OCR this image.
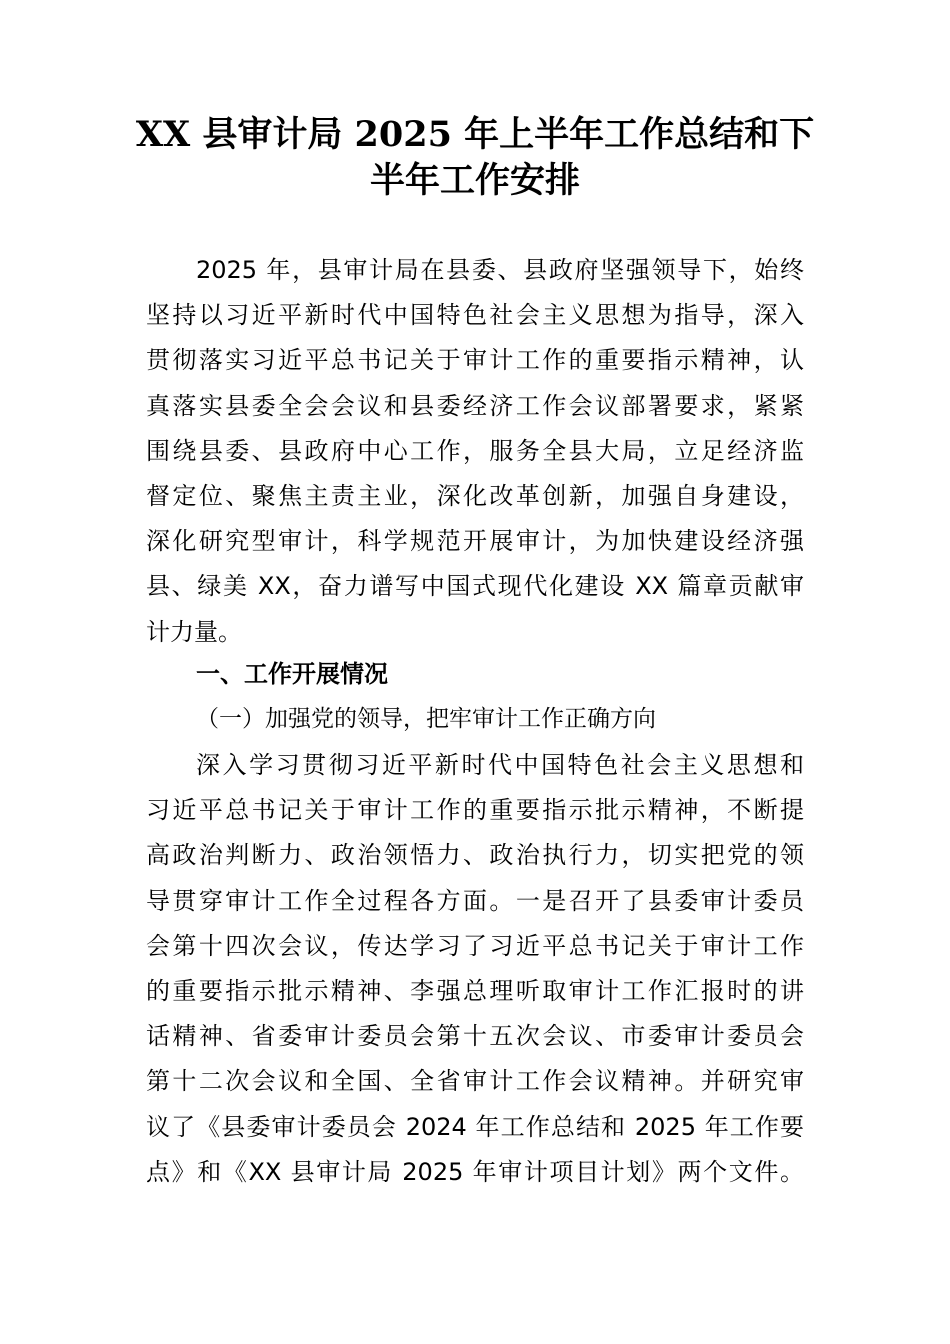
XX 县审计局 2025 年上半年工作总结和下
半年工作安排
2025 年，县审计局在县委、县政府坚强领导下，始终
坚持以习近平新时代中国特色社会主义思想为指导，深入
贯彻落实习近平总书记关于审计工作的重要指示精神，认
真落实县委全会会议和县委经济工作会议部署要求，紧紧
围绕县委、县政府中心工作，服务全县大局，立足经济监
督定位、聚焦主责主业，深化改革创新，加强自身建设，
深化研究型审计，科学规范开展审计，为加快建设经济强
县、绿美 XX，奋力谱写中国式现代化建设 XX 篇章贡献审
计力量。
一、工作开展情况
（一）加强党的领导，把牢审计工作正确方向
深入学习贯彻习近平新时代中国特色社会主义思想和
习近平总书记关于审计工作的重要指示批示精神，不断提
高政治判断力、政治领悟力、政治执行力，切实把党的领
导贯穿审计工作全过程各方面。一是召开了县委审计委员
会第十四次会议，传达学习了习近平总书记关于审计工作
的重要指示批示精神、李强总理听取审计工作汇报时的讲
话精神、省委审计委员会第十五次会议、市委审计委员会
第十二次会议和全国、全省审计工作会议精神。并研究审
议了《县委审计委员会 2024 年工作总结和 2025 年工作要
点》和《XX 县审计局 2025 年审计项目计划》两个文件。
